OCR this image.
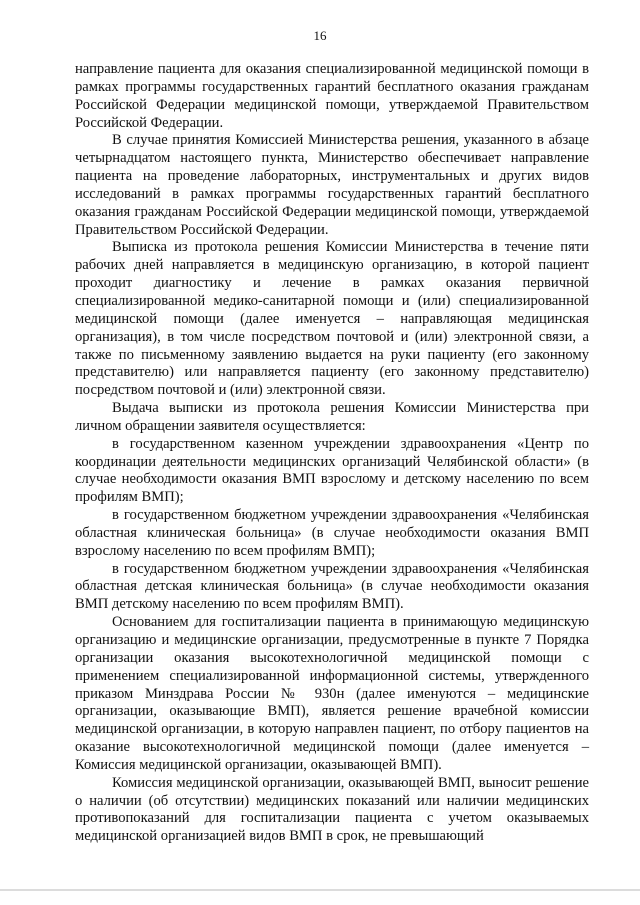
16

направление пациента для оказания специализированной медицинской помощи в рамках программы государственных гарантий бесплатного оказания гражданам Российской Федерации медицинской помощи, утверждаемой Правительством Российской Федерации.

В случае принятия Комиссией Министерства решения, указанного в абзаце четырнадцатом настоящего пункта, Министерство обеспечивает направление пациента на проведение лабораторных, инструментальных и других видов исследований в рамках программы государственных гарантий бесплатного оказания гражданам Российской Федерации медицинской помощи, утверждаемой Правительством Российской Федерации.

Выписка из протокола решения Комиссии Министерства в течение пяти рабочих дней направляется в медицинскую организацию, в которой пациент проходит диагностику и лечение в рамках оказания первичной специализированной медико-санитарной помощи и (или) специализированной медицинской помощи (далее именуется – направляющая медицинская организация), в том числе посредством почтовой и (или) электронной связи, а также по письменному заявлению выдается на руки пациенту (его законному представителю) или направляется пациенту (его законному представителю) посредством почтовой и (или) электронной связи.

Выдача выписки из протокола решения Комиссии Министерства при личном обращении заявителя осуществляется:

в государственном казенном учреждении здравоохранения «Центр по координации деятельности медицинских организаций Челябинской области» (в случае необходимости оказания ВМП взрослому и детскому населению по всем профилям ВМП);

в государственном бюджетном учреждении здравоохранения «Челябинская областная клиническая больница» (в случае необходимости оказания ВМП взрослому населению по всем профилям ВМП);

в государственном бюджетном учреждении здравоохранения «Челябинская областная детская клиническая больница» (в случае необходимости оказания ВМП детскому населению по всем профилям ВМП).

Основанием для госпитализации пациента в принимающую медицинскую организацию и медицинские организации, предусмотренные в пункте 7 Порядка организации оказания высокотехнологичной медицинской помощи с применением специализированной информационной системы, утвержденного приказом Минздрава России № 930н (далее именуются – медицинские организации, оказывающие ВМП), является решение врачебной комиссии медицинской организации, в которую направлен пациент, по отбору пациентов на оказание высокотехнологичной медицинской помощи (далее именуется – Комиссия медицинской организации, оказывающей ВМП).

Комиссия медицинской организации, оказывающей ВМП, выносит решение о наличии (об отсутствии) медицинских показаний или наличии медицинских противопоказаний для госпитализации пациента с учетом оказываемых медицинской организацией видов ВМП в срок, не превышающий
